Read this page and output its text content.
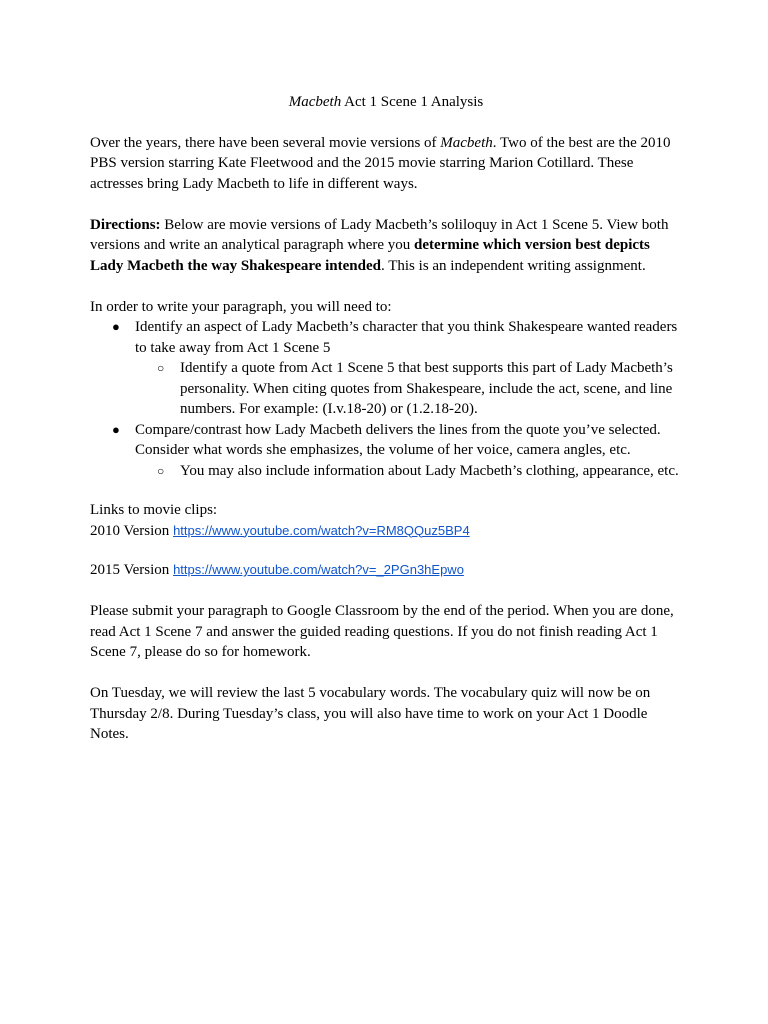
Macbeth Act 1 Scene 1 Analysis

Over the years, there have been several movie versions of Macbeth. Two of the best are the 2010 PBS version starring Kate Fleetwood and the 2015 movie starring Marion Cotillard. These actresses bring Lady Macbeth to life in different ways.

Directions: Below are movie versions of Lady Macbeth’s soliloquy in Act 1 Scene 5. View both versions and write an analytical paragraph where you determine which version best depicts Lady Macbeth the way Shakespeare intended. This is an independent writing assignment.

In order to write your paragraph, you will need to:

● Identify an aspect of Lady Macbeth’s character that you think Shakespeare wanted readers to take away from Act 1 Scene 5
○ Identify a quote from Act 1 Scene 5 that best supports this part of Lady Macbeth’s personality. When citing quotes from Shakespeare, include the act, scene, and line numbers. For example: (I.v.18-20) or (1.2.18-20).
● Compare/contrast how Lady Macbeth delivers the lines from the quote you’ve selected. Consider what words she emphasizes, the volume of her voice, camera angles, etc.
○ You may also include information about Lady Macbeth’s clothing, appearance, etc.

Links to movie clips:

2010 Version https://www.youtube.com/watch?v=RM8QQuz5BP4

2015 Version https://www.youtube.com/watch?v=_2PGn3hEpwo

Please submit your paragraph to Google Classroom by the end of the period. When you are done, read Act 1 Scene 7 and answer the guided reading questions. If you do not finish reading Act 1 Scene 7, please do so for homework.

On Tuesday, we will review the last 5 vocabulary words. The vocabulary quiz will now be on Thursday 2/8. During Tuesday’s class, you will also have time to work on your Act 1 Doodle Notes.
